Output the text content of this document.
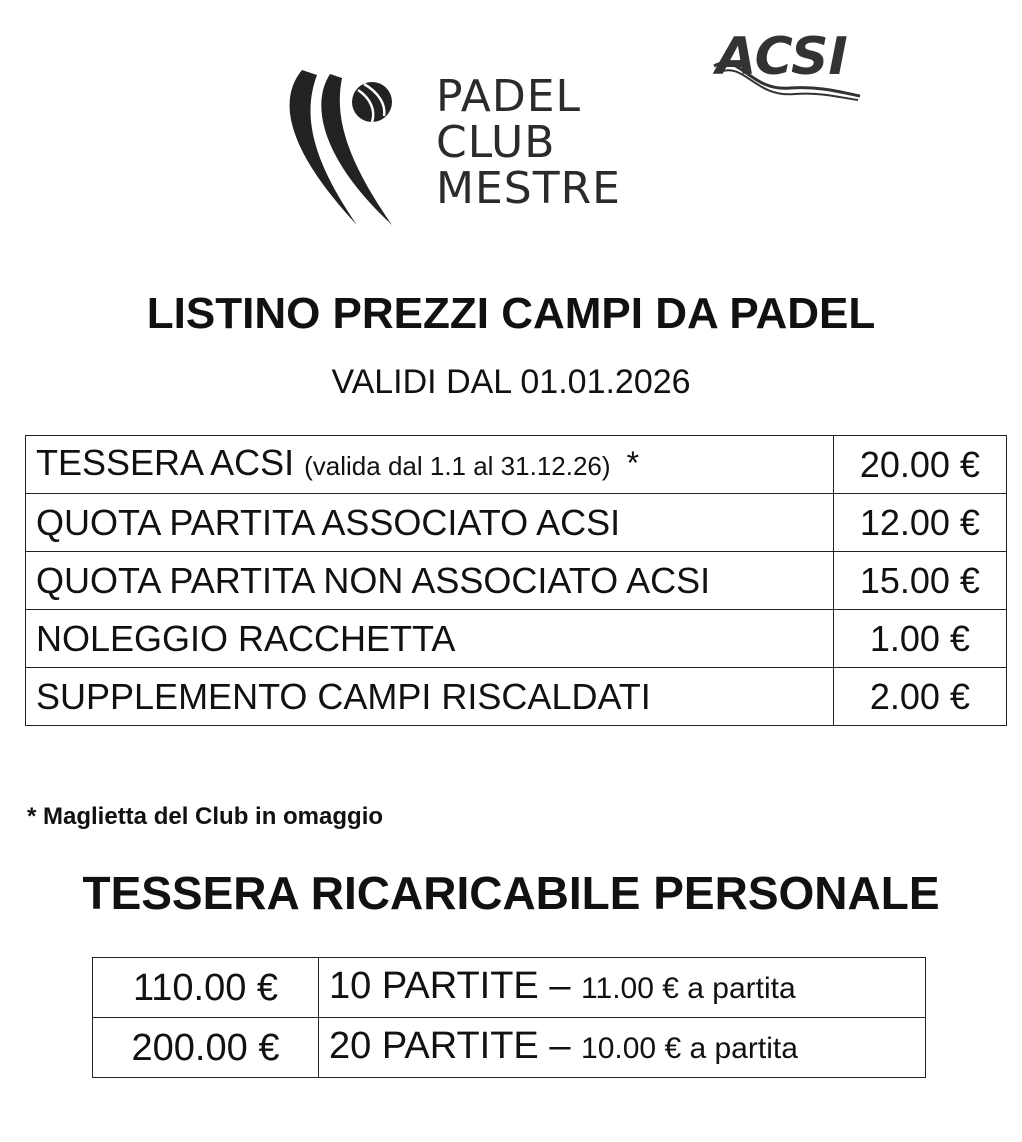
PADEL
CLUB
MESTRE
ACSI
LISTINO PREZZI CAMPI DA PADEL
VALIDI DAL 01.01.2026
TESSERA ACSI (valida dal 1.1 al 31.12.26) *	20.00 €
QUOTA PARTITA ASSOCIATO ACSI	12.00 €
QUOTA PARTITA NON ASSOCIATO ACSI	15.00 €
NOLEGGIO RACCHETTA	1.00 €
SUPPLEMENTO CAMPI RISCALDATI	2.00 €
* Maglietta del Club in omaggio
TESSERA RICARICABILE PERSONALE
110.00 €	10 PARTITE – 11.00 € a partita
200.00 €	20 PARTITE – 10.00 € a partita
